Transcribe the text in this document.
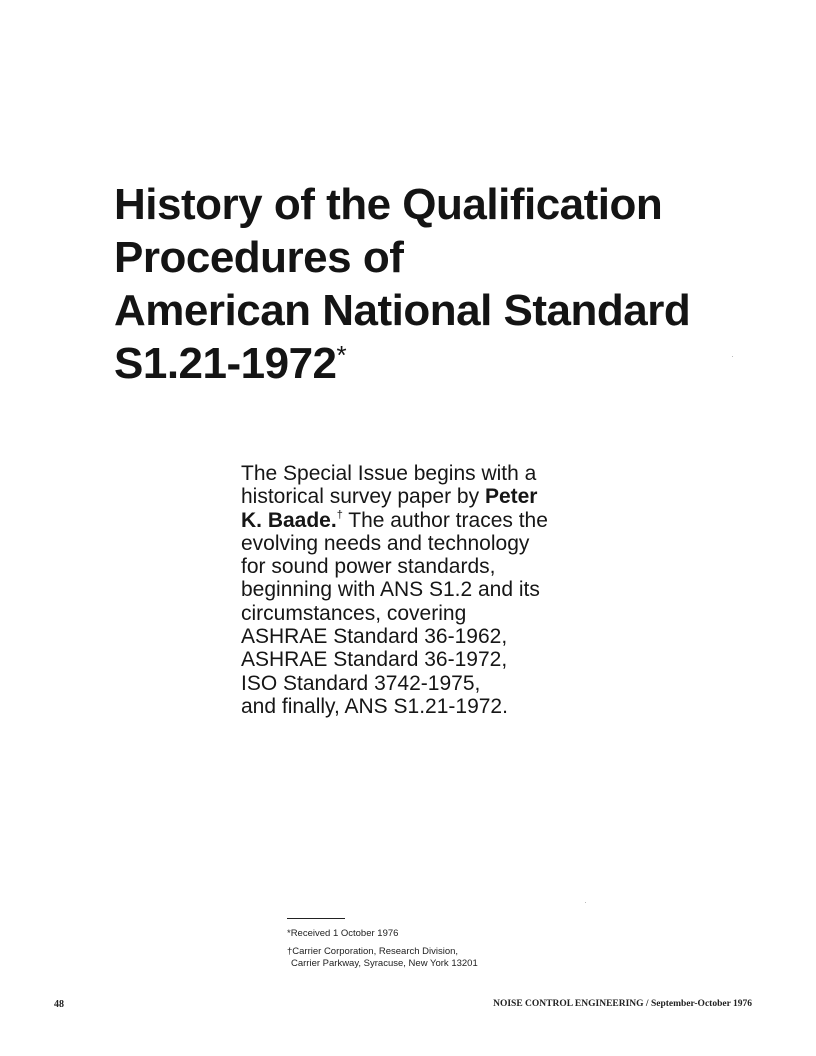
History of the Qualification
Procedures of
American National Standard
S1.21-1972*
The Special Issue begins with a
historical survey paper by Peter
K. Baade.† The author traces the
evolving needs and technology
for sound power standards,
beginning with ANS S1.2 and its
circumstances, covering
ASHRAE Standard 36-1962,
ASHRAE Standard 36-1972,
ISO Standard 3742-1975,
and finally, ANS S1.21-1972.
*Received 1 October 1976
†Carrier Corporation, Research Division,
Carrier Parkway, Syracuse, New York 13201
48	NOISE CONTROL ENGINEERING / September-October 1976
